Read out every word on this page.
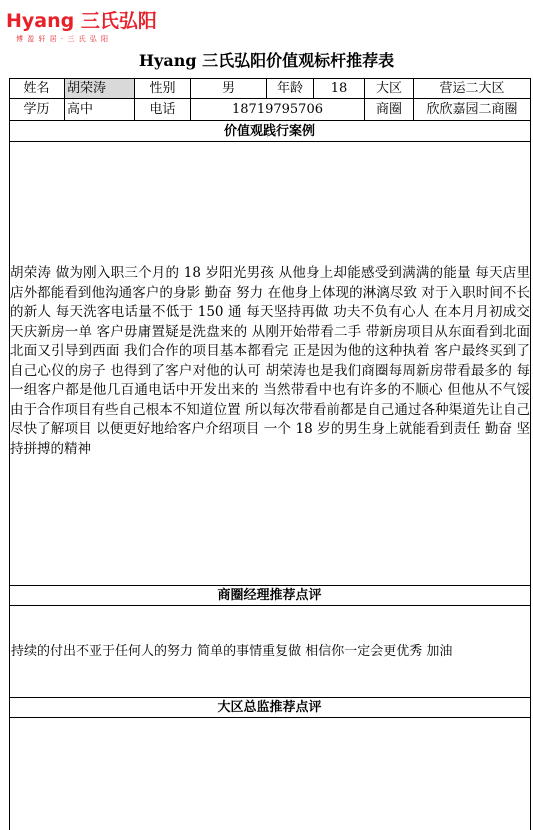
Hyang 三氏弘阳
博 盈 轩 居 · 三 氏 弘 阳
Hyang 三氏弘阳价值观标杆推荐表
姓名	胡荣涛	性别	男	年龄	18	大区	营运二大区
学历	高中	电话	18719795706	商圈	欣欣嘉园二商圈
价值观践行案例
胡荣涛 做为刚入职三个月的 18 岁阳光男孩 从他身上却能感受到满满的能量 每天店里店外都能看到他沟通客户的身影 勤奋 努力 在他身上体现的淋漓尽致 对于入职时间不长的新人 每天洗客电话量不低于 150 通 每天坚持再做 功夫不负有心人 在本月月初成交天庆新房一单 客户毋庸置疑是洗盘来的 从刚开始带看二手 带新房项目从东面看到北面 北面又引导到西面 我们合作的项目基本都看完 正是因为他的这种执着 客户最终买到了自己心仪的房子 也得到了客户对他的认可 胡荣涛也是我们商圈每周新房带看最多的 每一组客户都是他几百通电话中开发出来的 当然带看中也有许多的不顺心 但他从不气馁 由于合作项目有些自己根本不知道位置 所以每次带看前都是自己通过各种渠道先让自己尽快了解项目 以便更好地给客户介绍项目 一个 18 岁的男生身上就能看到责任 勤奋 坚持拼搏的精神
商圈经理推荐点评
持续的付出不亚于任何人的努力 简单的事情重复做 相信你一定会更优秀 加油
大区总监推荐点评
